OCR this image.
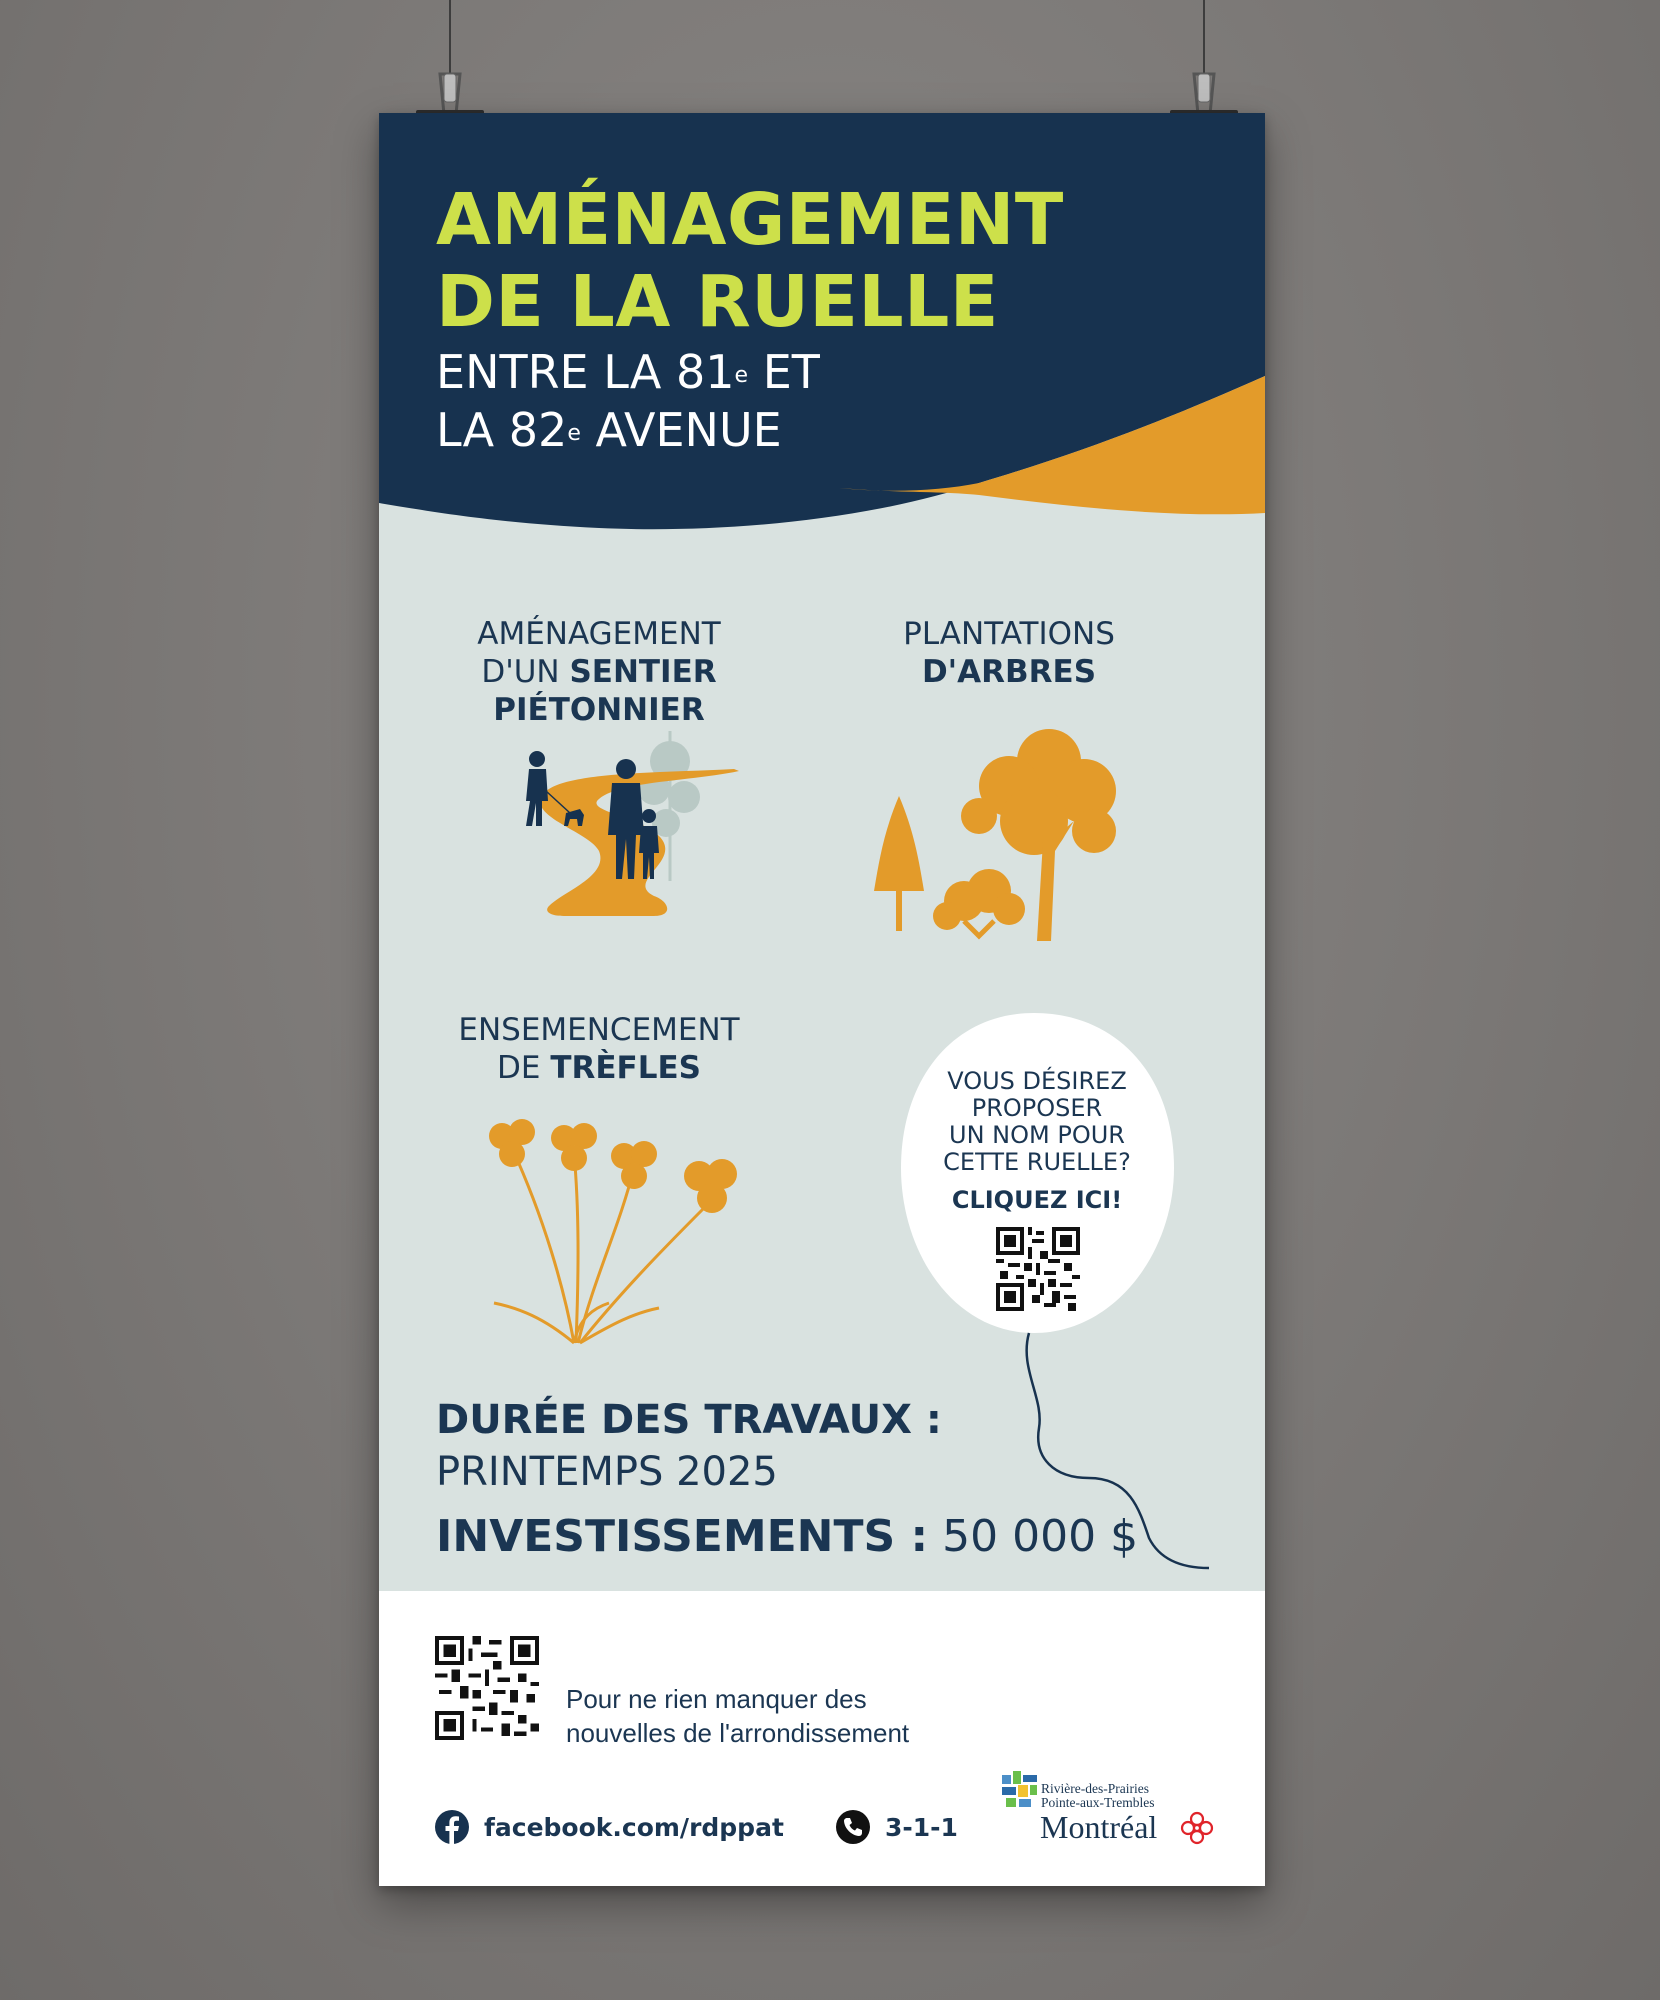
AMÉNAGEMENT
DE LA RUELLE
ENTRE LA 81e ET
LA 82e AVENUE
AMÉNAGEMENT
D'UN SENTIER
PIÉTONNIER
PLANTATIONS
D'ARBRES
ENSEMENCEMENT
DE TRÈFLES	VOUS DÉSIREZ
PROPOSER
UN NOM POUR
CETTE RUELLE?
CLIQUEZ ICI!
DURÉE DES TRAVAUX :
PRINTEMPS 2025
INVESTISSEMENTS : 50 000 $
Pour ne rien manquer des
nouvelles de l'arrondissement
facebook.com/rdppat	3-1-1
Rivière-des-Prairies
Pointe-aux-Trembles
Montréal
